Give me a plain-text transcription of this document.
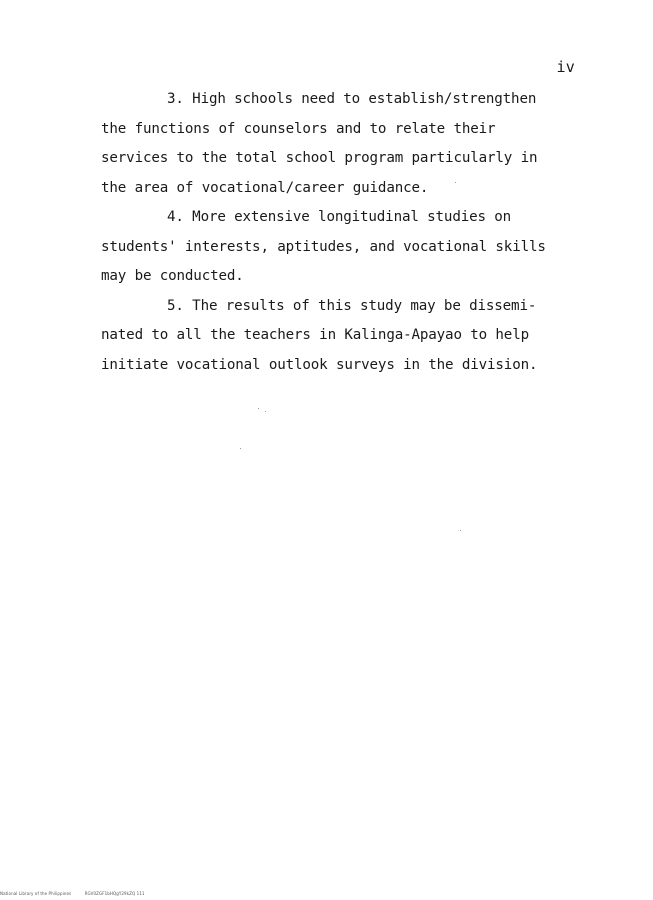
iv
3. High schools need to establish/strengthen
the functions of counselors and to relate their
services to the total school program particularly in
the area of vocational/career guidance.
4. More extensive longitudinal studies on
students' interests, aptitudes, and vocational skills
may be conducted.
5. The results of this study may be dissemi-
nated to all the teachers in Kalinga-Apayao to help
initiate vocational outlook surveys in the division.
National Library of the Philippines	RGV0ZGF1bHQgY29kZQ 111
